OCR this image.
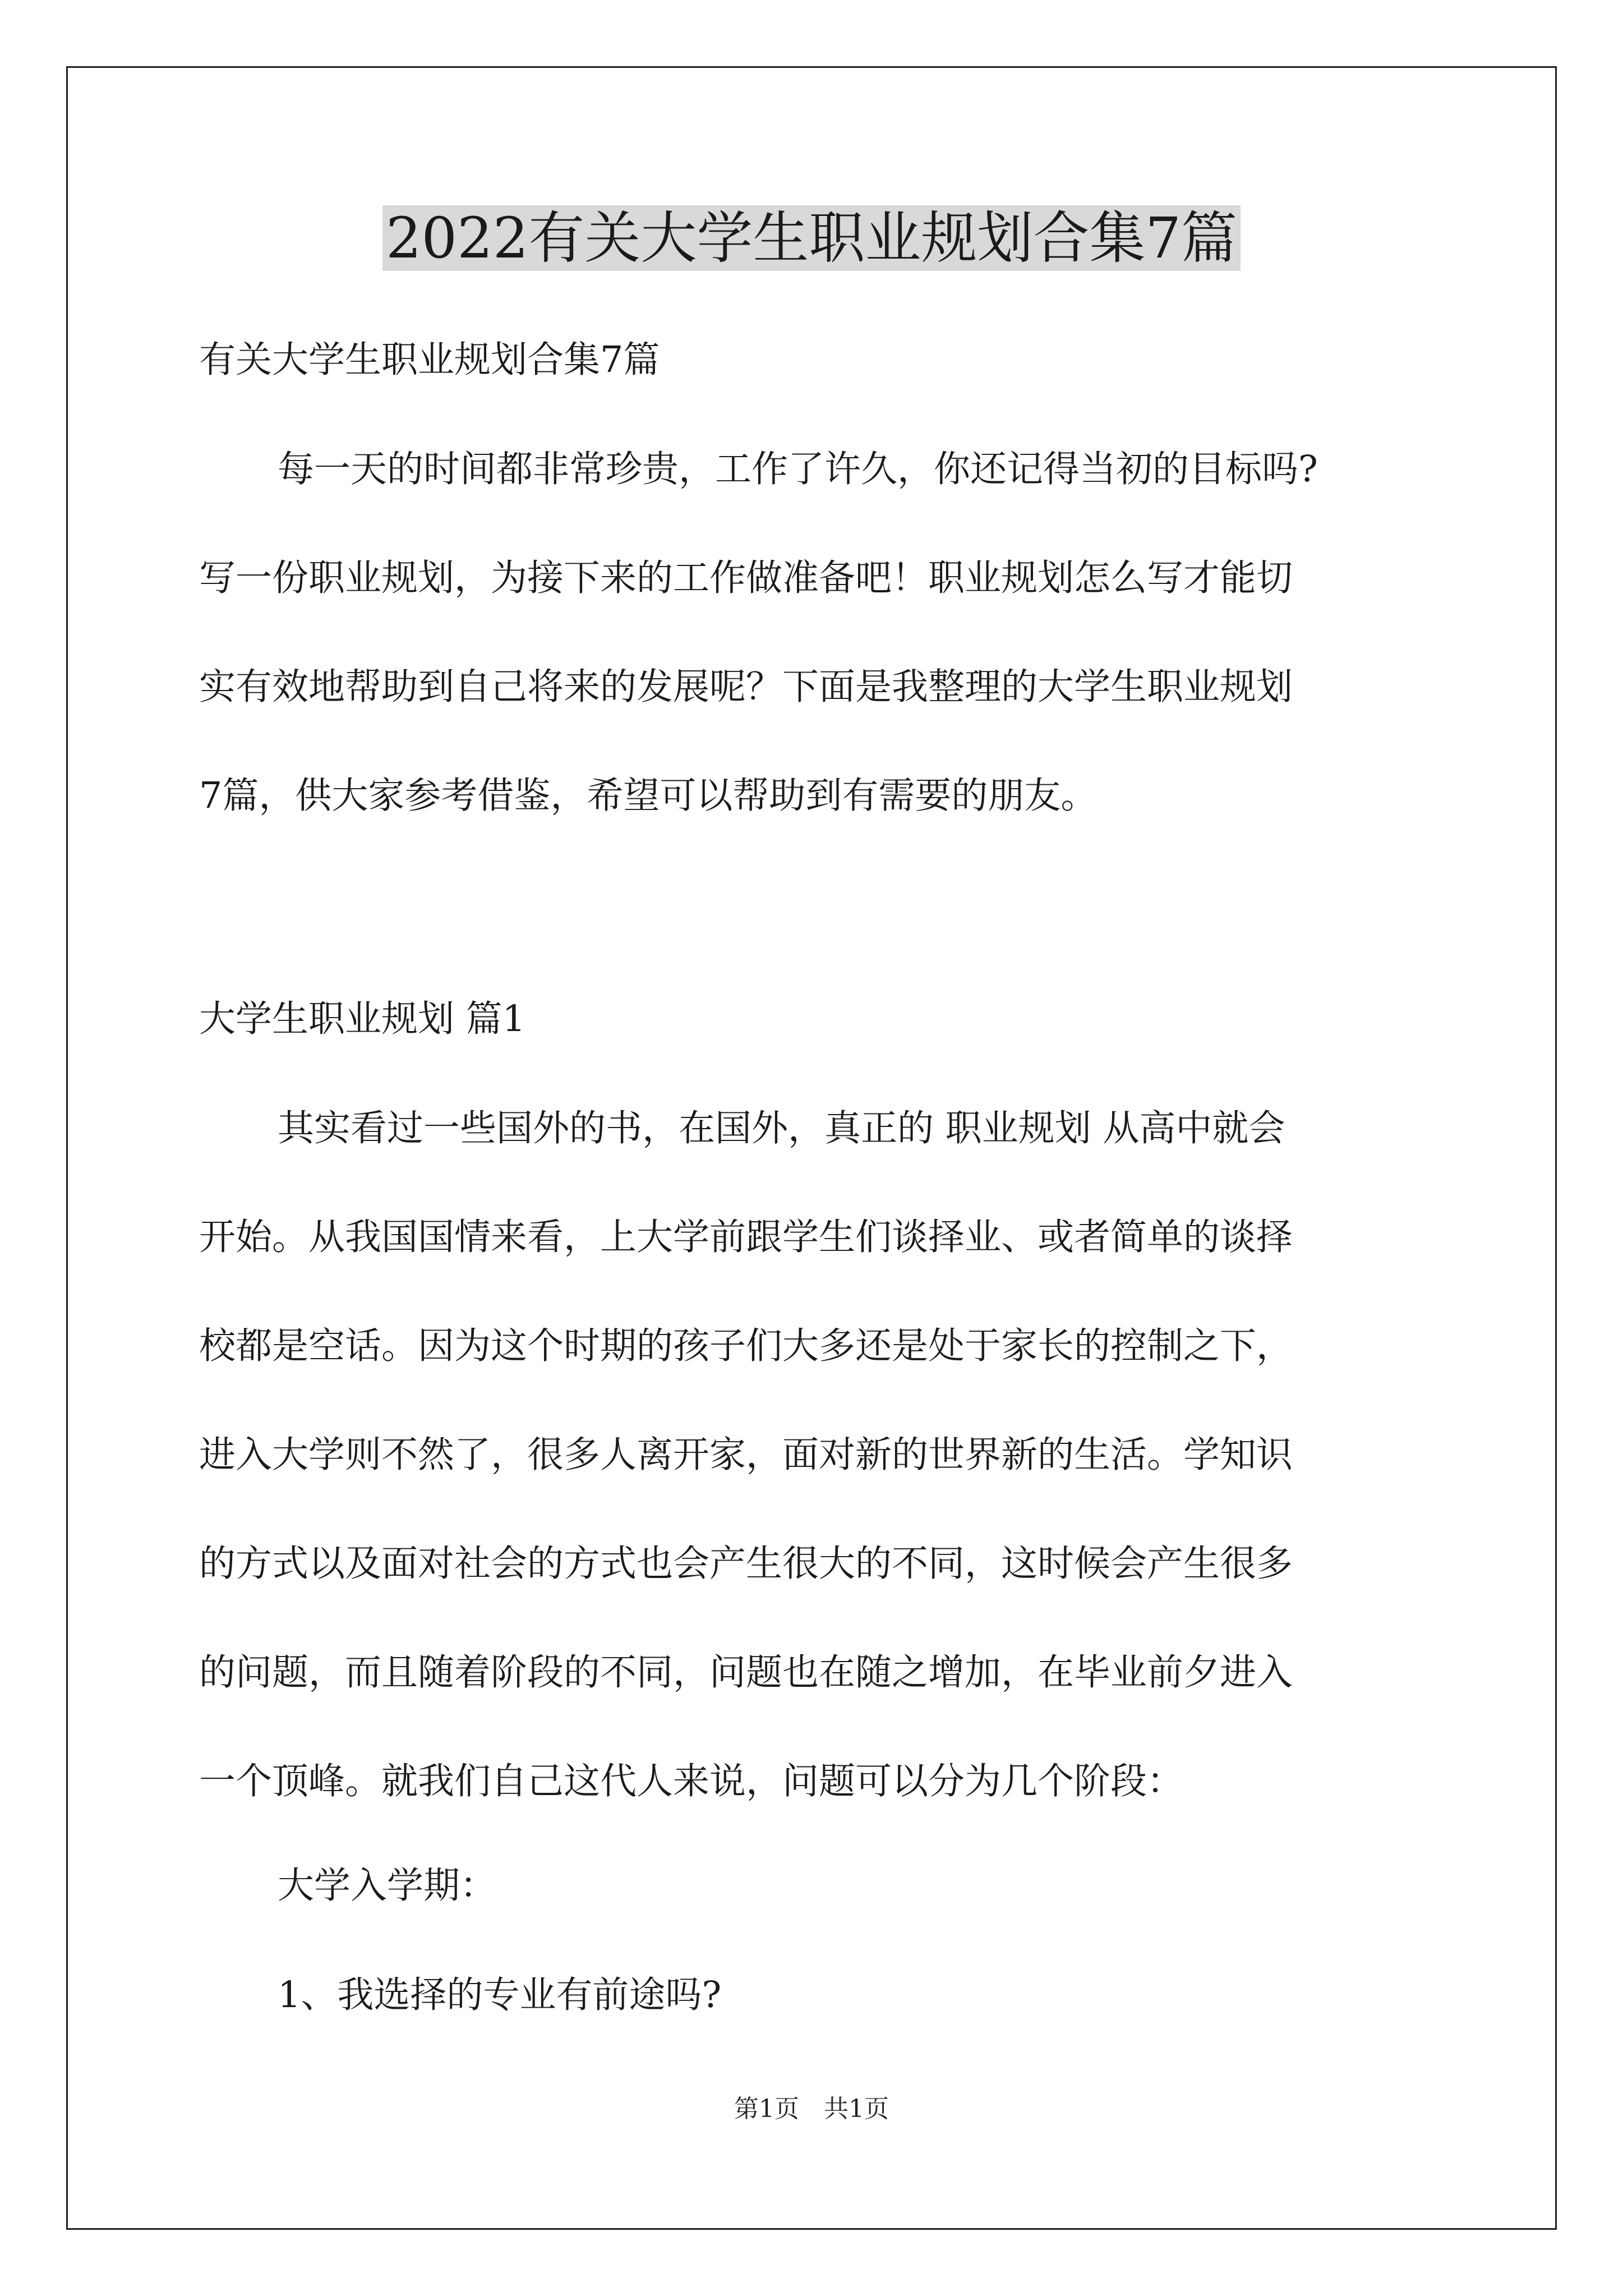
2022有关大学生职业规划合集7篇
有关大学生职业规划合集7篇
每一天的时间都非常珍贵，工作了许久，你还记得当初的目标吗?
写一份职业规划，为接下来的工作做准备吧！职业规划怎么写才能切
实有效地帮助到自己将来的发展呢？下面是我整理的大学生职业规划
7篇，供大家参考借鉴，希望可以帮助到有需要的朋友。
大学生职业规划 篇1
其实看过一些国外的书，在国外，真正的 职业规划 从高中就会
开始。从我国国情来看，上大学前跟学生们谈择业、或者简单的谈择
校都是空话。因为这个时期的孩子们大多还是处于家长的控制之下，
进入大学则不然了，很多人离开家，面对新的世界新的生活。学知识
的方式以及面对社会的方式也会产生很大的不同，这时候会产生很多
的问题，而且随着阶段的不同，问题也在随之增加，在毕业前夕进入
一个顶峰。就我们自己这代人来说，问题可以分为几个阶段：
大学入学期：
1、我选择的专业有前途吗?
第1页 共1页
